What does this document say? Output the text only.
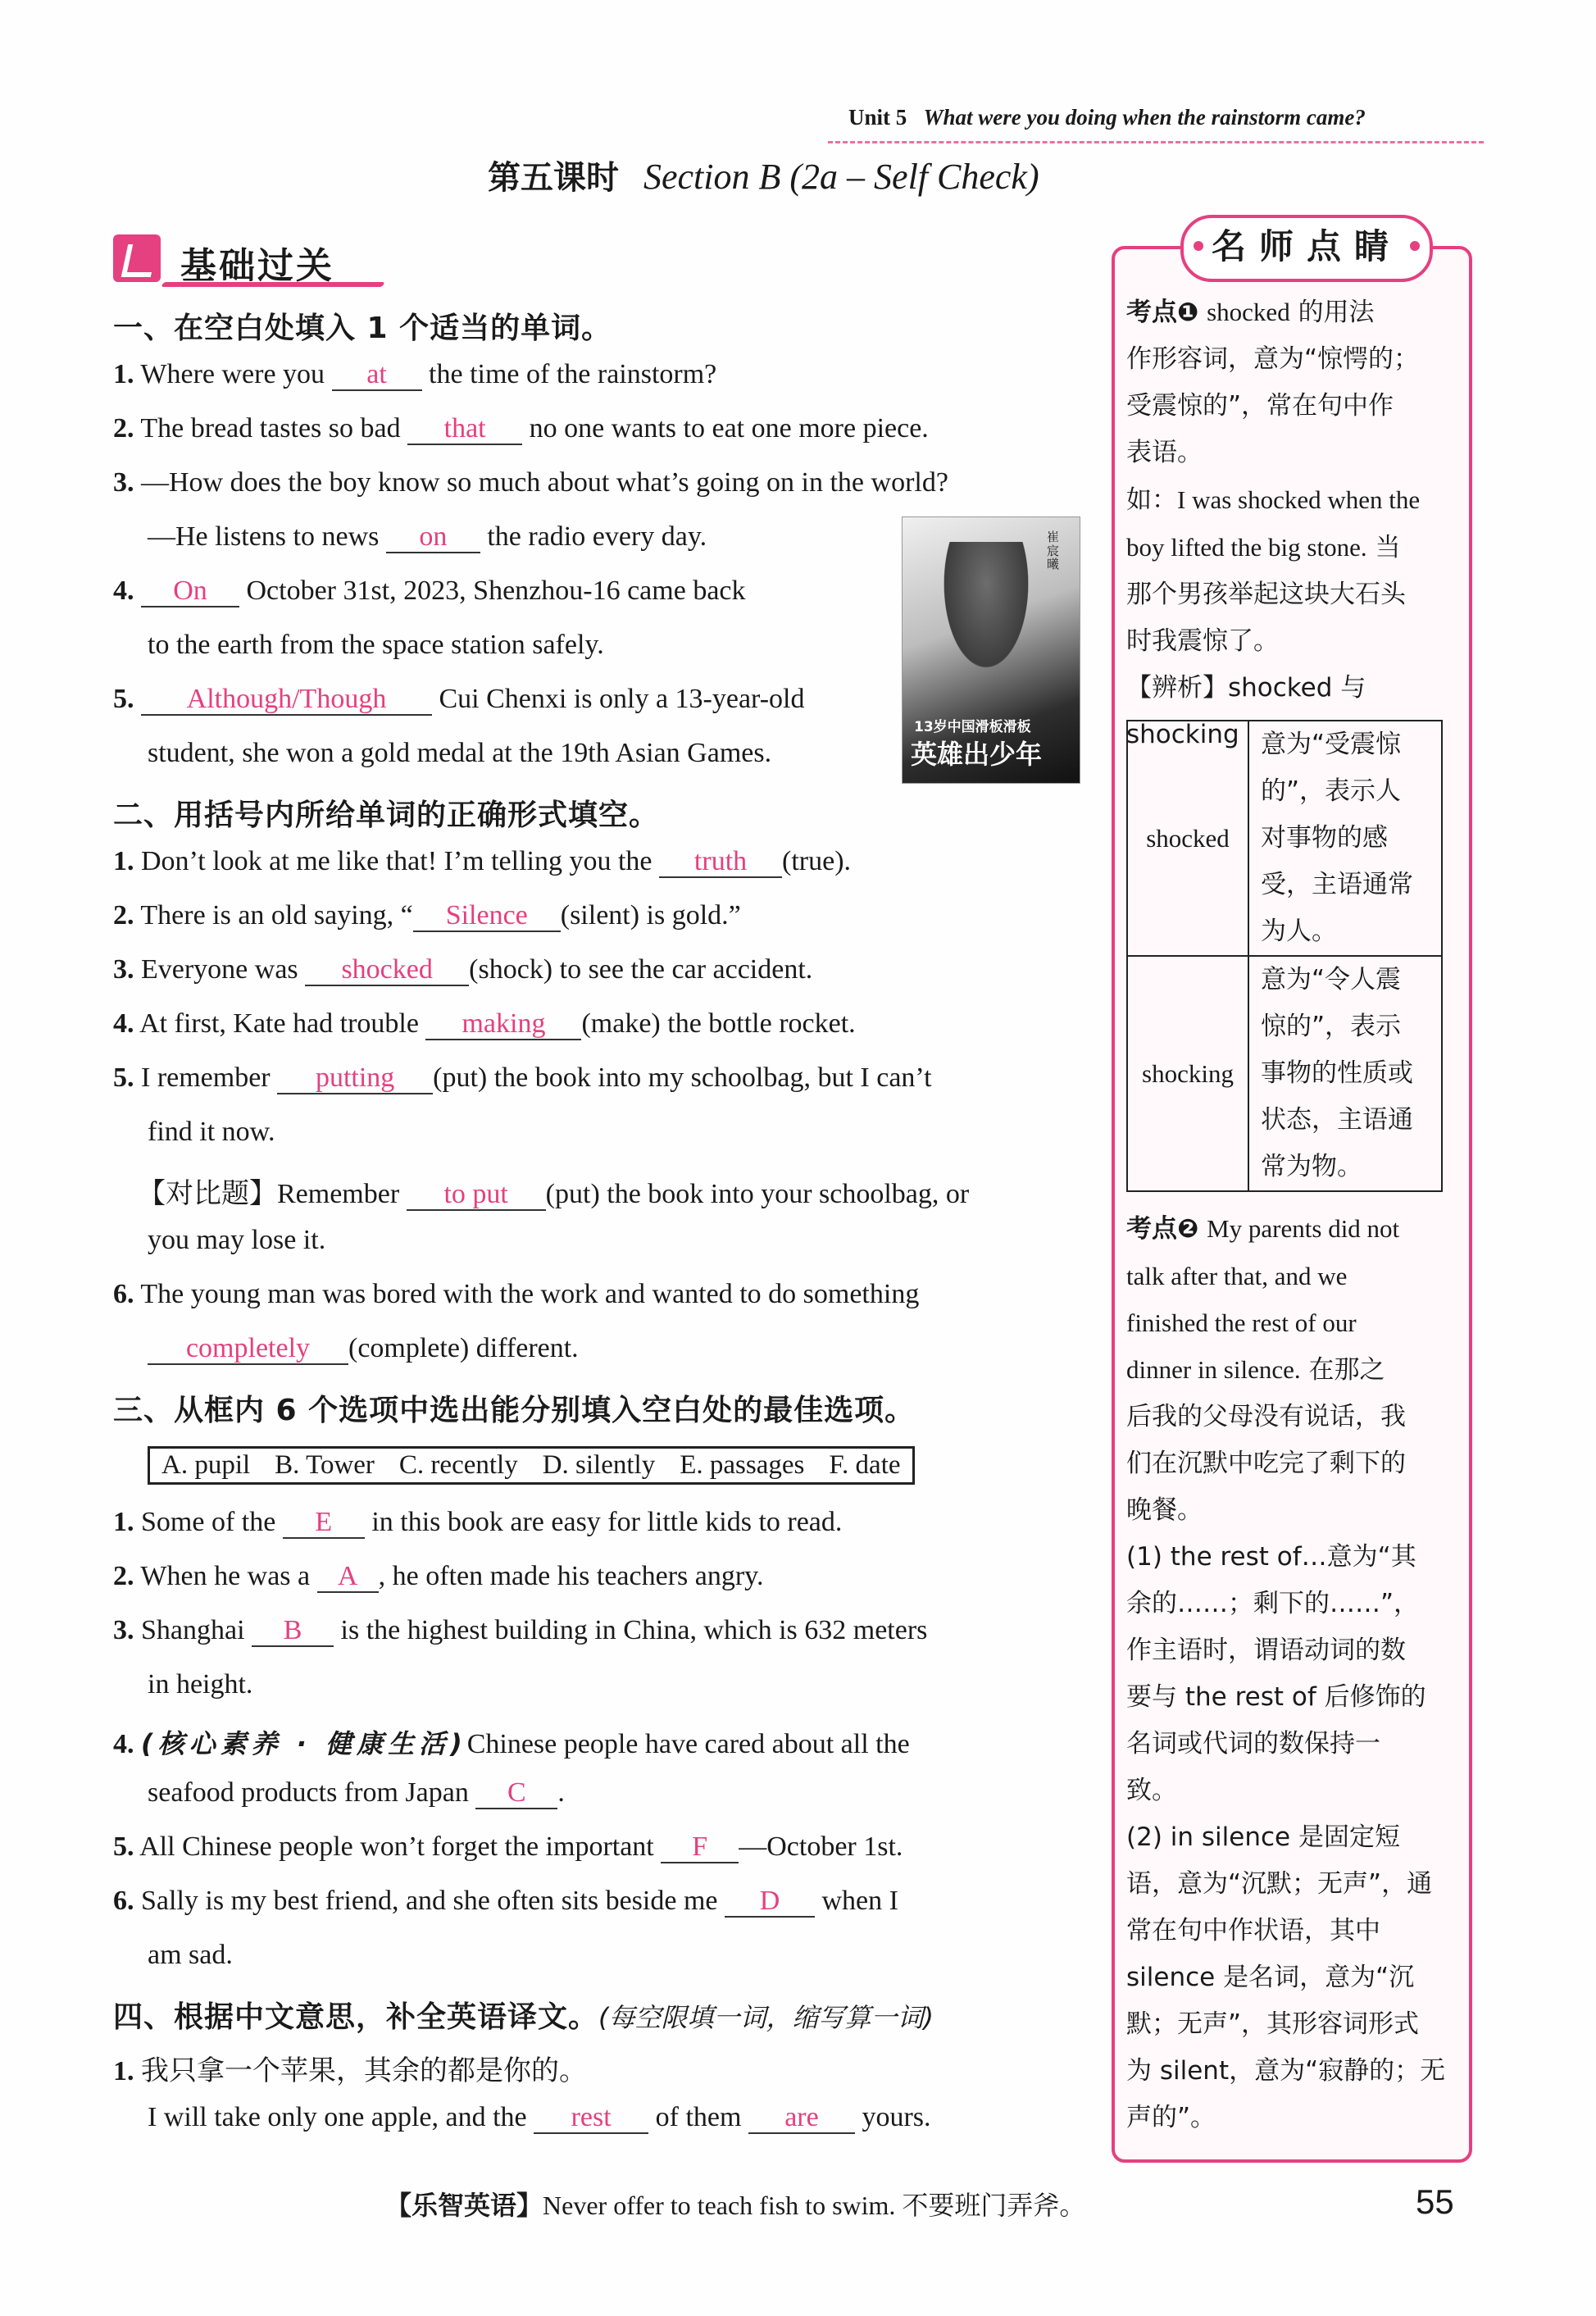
Unit 5 What were you doing when the rainstorm came?
第五课时 Section B (2a – Self Check)
基础过关
一、在空白处填入 1 个适当的单词。
1. Where were you at the time of the rainstorm?
2. The bread tastes so bad that no one wants to eat one more piece.
3. —How does the boy know so much about what’s going on in the world?
—He listens to news on the radio every day.
4. On October 31st, 2023, Shenzhou-16 came back
to the earth from the space station safely.
5. Although/Though Cui Chenxi is only a 13-year-old
student, she won a gold medal at the 19th Asian Games.
二、用括号内所给单词的正确形式填空。
1. Don’t look at me like that! I’m telling you the truth (true).
2. There is an old saying, “ Silence (silent) is gold.”
3. Everyone was shocked (shock) to see the car accident.
4. At first, Kate had trouble making (make) the bottle rocket.
5. I remember putting (put) the book into my schoolbag, but I can’t
find it now.
【对比题】Remember to put (put) the book into your schoolbag, or
you may lose it.
6. The young man was bored with the work and wanted to do something
completely (complete) different.
三、从框内 6 个选项中选出能分别填入空白处的最佳选项。
A. pupil B. Tower C. recently D. silently E. passages F. date
1. Some of the E in this book are easy for little kids to read.
2. When he was a A , he often made his teachers angry.
3. Shanghai B is the highest building in China, which is 632 meters
in height.
4. (核心素养 · 健康生活)Chinese people have cared about all the
seafood products from Japan C .
5. All Chinese people won’t forget the important F —October 1st.
6. Sally is my best friend, and she often sits beside me D when I
am sad.
四、根据中文意思，补全英语译文。(每空限填一词，缩写算一词)
1. 我只拿一个苹果，其余的都是你的。
I will take only one apple, and the rest of them are yours.
崔宸曦
13岁中国滑板滑板
英雄出少年
名师点睛
考点❶ shocked 的用法
作形容词，意为“惊愕的；
受震惊的”，常在句中作
表语。
如：I was shocked when the
boy lifted the big stone. 当
那个男孩举起这块大石头
时我震惊了。
【辨析】shocked 与 shocking
shocked	意为“受震惊
的”，表示人
对事物的感
受，主语通常
为人。

shocking	意为“令人震
惊的”，表示
事物的性质或
状态，主语通
常为物。
考点❷ My parents did not
talk after that, and we
finished the rest of our
dinner in silence. 在那之
后我的父母没有说话，我
们在沉默中吃完了剩下的
晚餐。
(1) the rest of…意为“其
余的……；剩下的……”，
作主语时，谓语动词的数
要与 the rest of 后修饰的
名词或代词的数保持一
致。
(2) in silence 是固定短
语，意为“沉默；无声”，通
常在句中作状语，其中
silence 是名词，意为“沉
默；无声”，其形容词形式
为 silent，意为“寂静的；无
声的”。
【乐智英语】Never offer to teach fish to swim. 不要班门弄斧。	55
